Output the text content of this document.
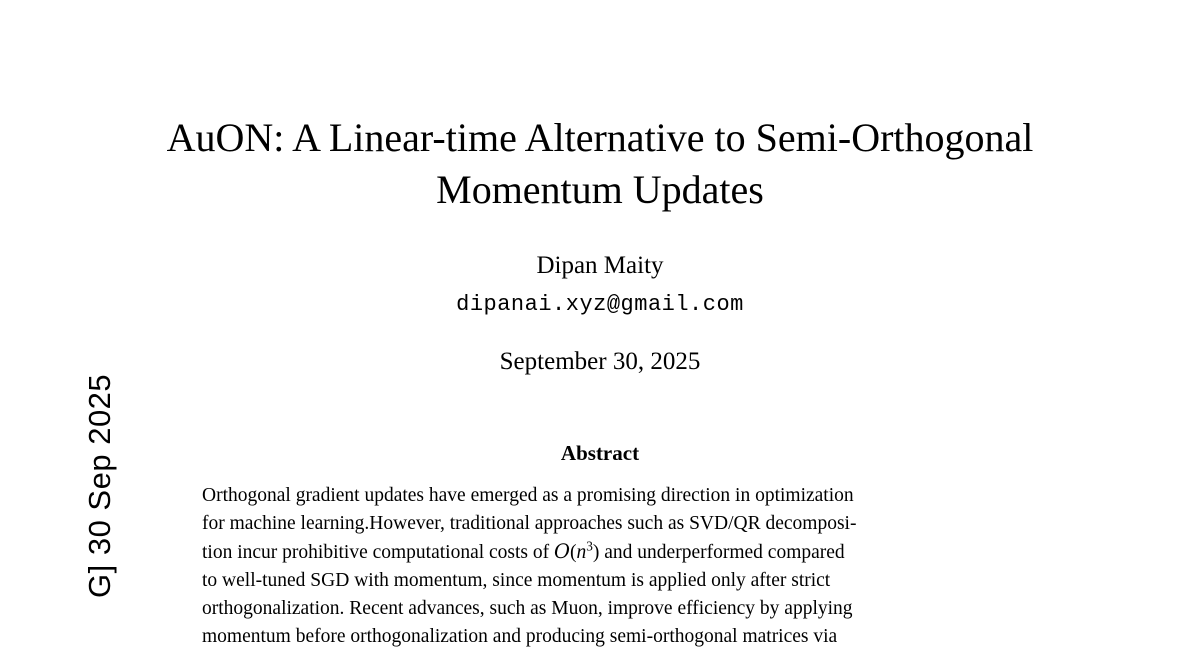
G] 30 Sep 2025
AuON: A Linear-time Alternative to Semi-Orthogonal
Momentum Updates
Dipan Maity
dipanai.xyz@gmail.com
September 30, 2025
Abstract

Orthogonal gradient updates have emerged as a promising direction in optimization

for machine learning.However, traditional approaches such as SVD/QR decomposi-

tion incur prohibitive computational costs of $O(n^3)$ and underperformed compared

to well-tuned SGD with momentum, since momentum is applied only after strict

orthogonalization. Recent advances, such as Muon, improve efficiency by applying

momentum before orthogonalization and producing semi-orthogonal matrices via
